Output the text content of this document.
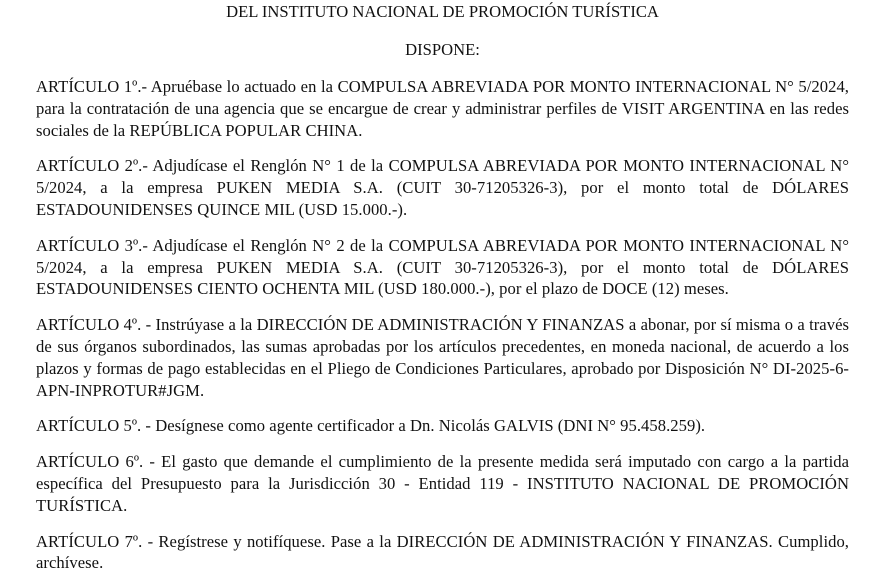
DEL INSTITUTO NACIONAL DE PROMOCIÓN TURÍSTICA

DISPONE:

ARTÍCULO 1º.- Apruébase lo actuado en la COMPULSA ABREVIADA POR MONTO INTERNACIONAL N° 5/2024, para la contratación de una agencia que se encargue de crear y administrar perfiles de VISIT ARGENTINA en las redes sociales de la REPÚBLICA POPULAR CHINA.

ARTÍCULO 2º.- Adjudícase el Renglón N° 1 de la COMPULSA ABREVIADA POR MONTO INTERNACIONAL N° 5/2024, a la empresa PUKEN MEDIA S.A. (CUIT 30-71205326-3), por el monto total de DÓLARES ESTADOUNIDENSES QUINCE MIL (USD 15.000.-).

ARTÍCULO 3º.- Adjudícase el Renglón N° 2 de la COMPULSA ABREVIADA POR MONTO INTERNACIONAL N° 5/2024, a la empresa PUKEN MEDIA S.A. (CUIT 30-71205326-3), por el monto total de DÓLARES ESTADOUNIDENSES CIENTO OCHENTA MIL (USD 180.000.-), por el plazo de DOCE (12) meses.

ARTÍCULO 4º. - Instrúyase a la DIRECCIÓN DE ADMINISTRACIÓN Y FINANZAS a abonar, por sí misma o a través de sus órganos subordinados, las sumas aprobadas por los artículos precedentes, en moneda nacional, de acuerdo a los plazos y formas de pago establecidas en el Pliego de Condiciones Particulares, aprobado por Disposición N° DI-2025-6-APN-INPROTUR#JGM.

ARTÍCULO 5º. - Desígnese como agente certificador a Dn. Nicolás GALVIS (DNI N° 95.458.259).

ARTÍCULO 6º. - El gasto que demande el cumplimiento de la presente medida será imputado con cargo a la partida específica del Presupuesto para la Jurisdicción 30 - Entidad 119 - INSTITUTO NACIONAL DE PROMOCIÓN TURÍSTICA.

ARTÍCULO 7º. - Regístrese y notifíquese. Pase a la DIRECCIÓN DE ADMINISTRACIÓN Y FINANZAS. Cumplido, archívese.
